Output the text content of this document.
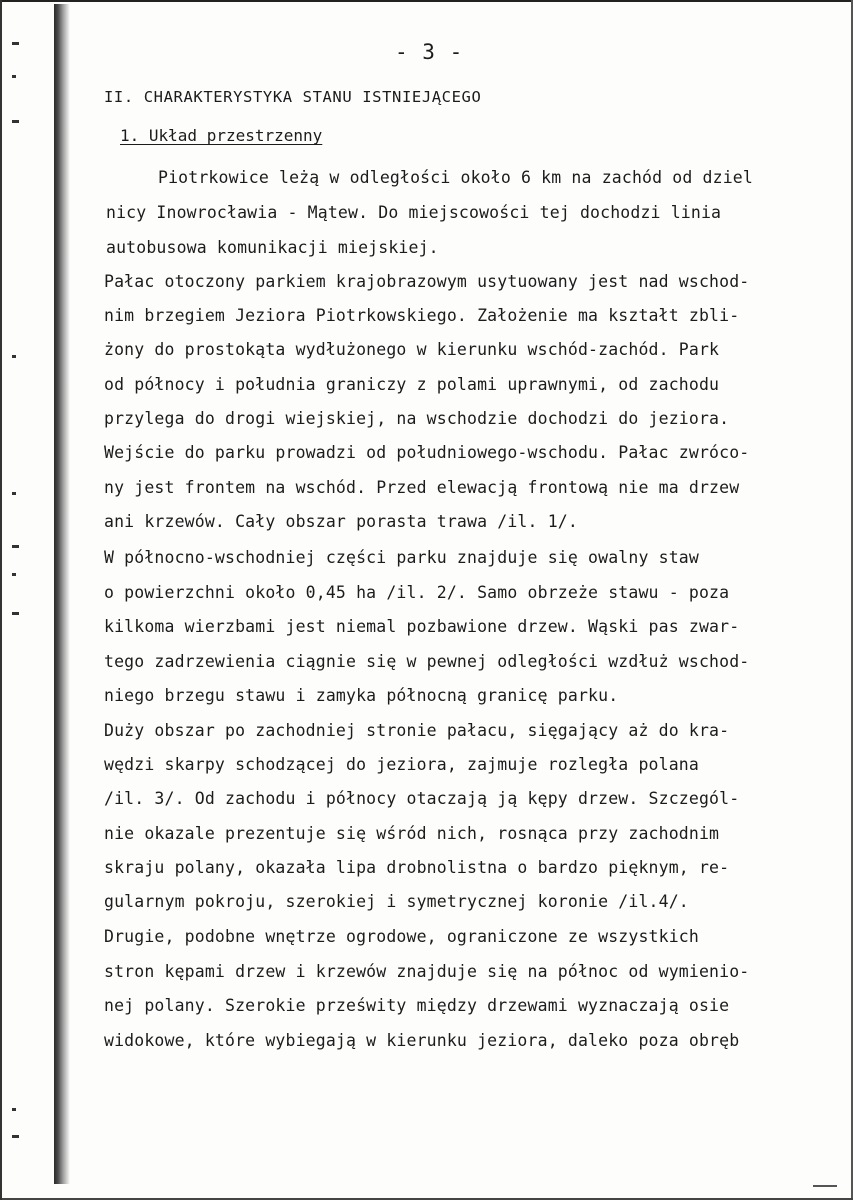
- 3 -
II. CHARAKTERYSTYKA STANU ISTNIEJĄCEGO
1. Układ przestrzenny
Piotrkowice leżą w odległości około 6 km na zachód od dziel
nicy Inowrocławia - Mątew. Do miejscowości tej dochodzi linia
autobusowa komunikacji miejskiej.
Pałac otoczony parkiem krajobrazowym usytuowany jest nad wschod-
nim brzegiem Jeziora Piotrkowskiego. Założenie ma kształt zbli-
żony do prostokąta wydłużonego w kierunku wschód-zachód. Park
od północy i południa graniczy z polami uprawnymi, od zachodu
przylega do drogi wiejskiej, na wschodzie dochodzi do jeziora.
Wejście do parku prowadzi od południowego-wschodu. Pałac zwróco-
ny jest frontem na wschód. Przed elewacją frontową nie ma drzew
ani krzewów. Cały obszar porasta trawa /il. 1/.
W północno-wschodniej części parku znajduje się owalny staw
o powierzchni około 0,45 ha /il. 2/. Samo obrzeże stawu - poza
kilkoma wierzbami jest niemal pozbawione drzew. Wąski pas zwar-
tego zadrzewienia ciągnie się w pewnej odległości wzdłuż wschod-
niego brzegu stawu i zamyka północną granicę parku.
Duży obszar po zachodniej stronie pałacu, sięgający aż do kra-
wędzi skarpy schodzącej do jeziora, zajmuje rozległa polana
/il. 3/. Od zachodu i północy otaczają ją kępy drzew. Szczegól-
nie okazale prezentuje się wśród nich, rosnąca przy zachodnim
skraju polany, okazała lipa drobnolistna o bardzo pięknym, re-
gularnym pokroju, szerokiej i symetrycznej koronie /il.4/.
Drugie, podobne wnętrze ogrodowe, ograniczone ze wszystkich
stron kępami drzew i krzewów znajduje się na północ od wymienio-
nej polany. Szerokie prześwity między drzewami wyznaczają osie
widokowe, które wybiegają w kierunku jeziora, daleko poza obręb
